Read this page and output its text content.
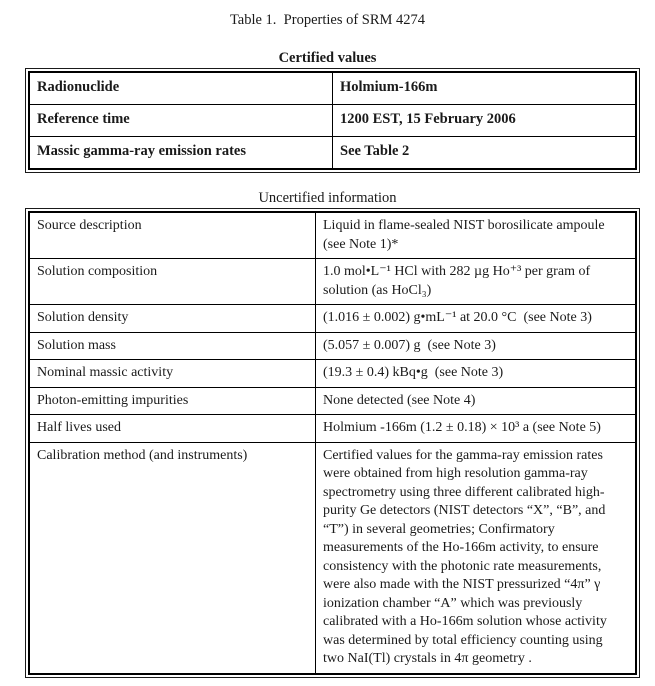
Table 1.  Properties of SRM 4274
Certified values
Radionuclide	Holmium-166m
Reference time	1200 EST, 15 February 2006
Massic gamma-ray emission rates	See Table 2
Uncertified information
Source description	Liquid in flame-sealed NIST borosilicate ampoule (see Note 1)*
Solution composition	1.0 mol•L⁻¹ HCl with 282 µg Ho⁺³ per gram of solution (as HoCl₃)
Solution density	(1.016 ± 0.002) g•mL⁻¹ at 20.0 °C  (see Note 3)
Solution mass	(5.057 ± 0.007) g  (see Note 3)
Nominal massic activity	(19.3 ± 0.4) kBq•g  (see Note 3)
Photon-emitting impurities	None detected (see Note 4)
Half lives used	Holmium -166m (1.2 ± 0.18) × 10³ a (see Note 5)
Calibration method (and instruments)	Certified values for the gamma-ray emission rates were obtained from high resolution gamma-ray spectrometry using three different calibrated high-purity Ge detectors (NIST detectors “X”, “B”, and “T”) in several geometries; Confirmatory measurements of the Ho-166m activity, to ensure consistency with the photonic rate measurements, were also made with the NIST pressurized “4π” γ ionization chamber “A” which was previously calibrated with a Ho-166m solution whose activity was determined by total efficiency counting using two NaI(Tl) crystals in 4π geometry .
